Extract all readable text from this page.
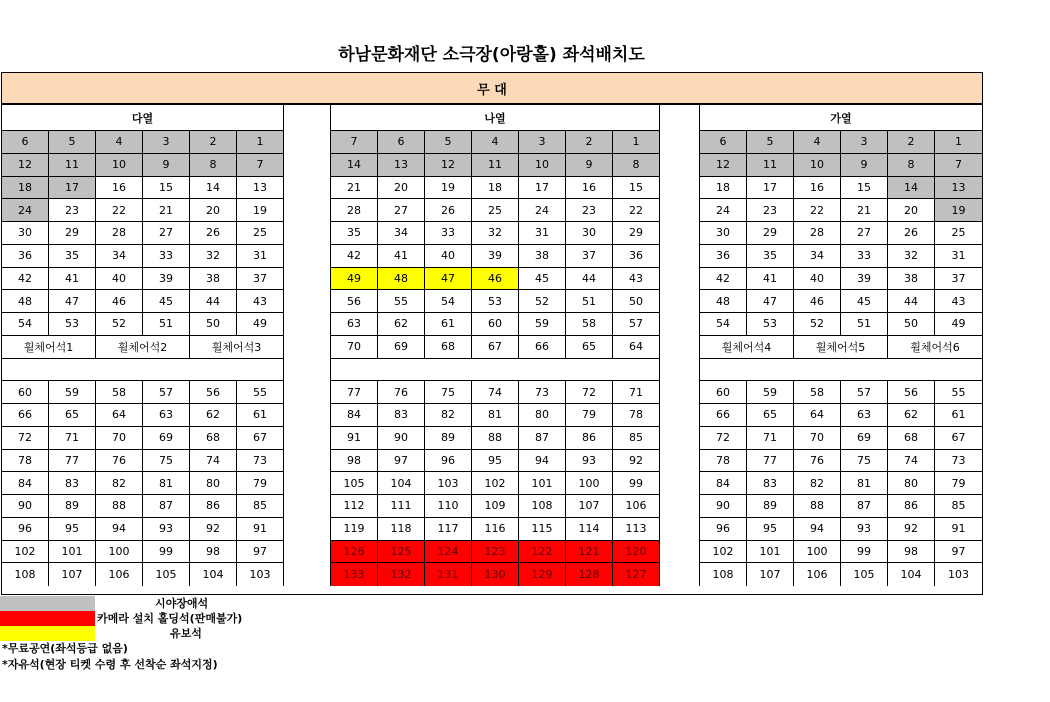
하남문화재단 소극장(아랑홀) 좌석배치도
무 대
다열	나열	가열
6	5	4	3	2	1	7	6	5	4	3	2	1	6	5	4	3	2	1
12	11	10	9	8	7	14	13	12	11	10	9	8	12	11	10	9	8	7
18	17	16	15	14	13	21	20	19	18	17	16	15	18	17	16	15	14	13
24	23	22	21	20	19	28	27	26	25	24	23	22	24	23	22	21	20	19
30	29	28	27	26	25	35	34	33	32	31	30	29	30	29	28	27	26	25
36	35	34	33	32	31	42	41	40	39	38	37	36	36	35	34	33	32	31
42	41	40	39	38	37	49	48	47	46	45	44	43	42	41	40	39	38	37
48	47	46	45	44	43	56	55	54	53	52	51	50	48	47	46	45	44	43
54	53	52	51	50	49	63	62	61	60	59	58	57	54	53	52	51	50	49
휠체어석1	휠체어석2	휠체어석3	70	69	68	67	66	65	64	휠체어석4	휠체어석5	휠체어석6
60	59	58	57	56	55	77	76	75	74	73	72	71	60	59	58	57	56	55
66	65	64	63	62	61	84	83	82	81	80	79	78	66	65	64	63	62	61
72	71	70	69	68	67	91	90	89	88	87	86	85	72	71	70	69	68	67
78	77	76	75	74	73	98	97	96	95	94	93	92	78	77	76	75	74	73
84	83	82	81	80	79	105	104	103	102	101	100	99	84	83	82	81	80	79
90	89	88	87	86	85	112	111	110	109	108	107	106	90	89	88	87	86	85
96	95	94	93	92	91	119	118	117	116	115	114	113	96	95	94	93	92	91
102	101	100	99	98	97	126	125	124	123	122	121	120	102	101	100	99	98	97
108	107	106	105	104	103	133	132	131	130	129	128	127	108	107	106	105	104	103
시야장애석
카메라 설치 홀딩석(판매불가)
유보석
*무료공연(좌석등급 없음)
*자유석(현장 티켓 수령 후 선착순 좌석지정)
